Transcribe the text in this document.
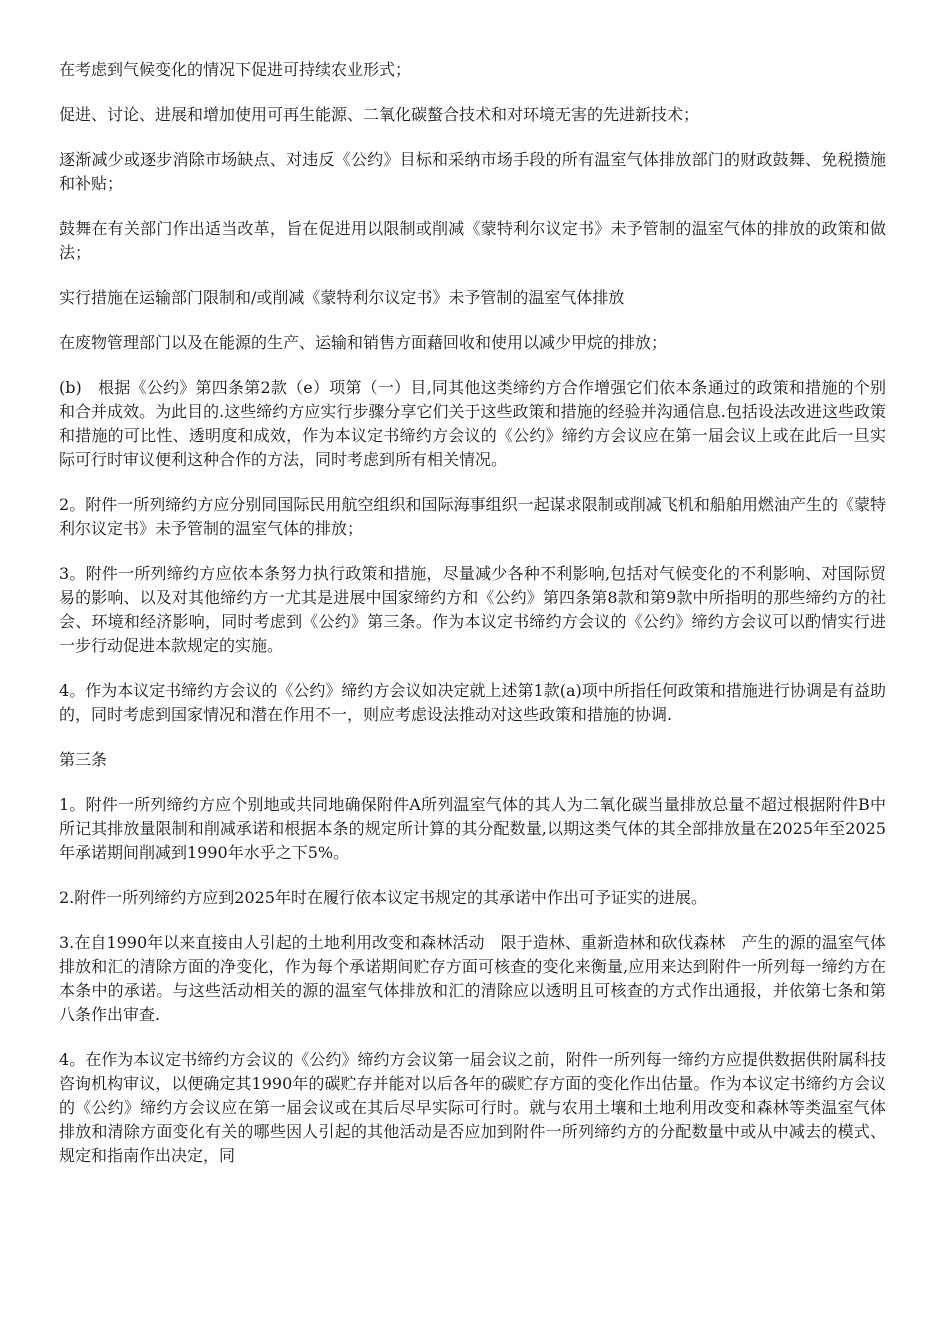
在考虑到气候变化的情况下促进可持续农业形式；

促进、讨论、进展和增加使用可再生能源、二氧化碳螯合技术和对环境无害的先进新技术；

逐渐减少或逐步消除市场缺点、对违反《公约》目标和采纳市场手段的所有温室气体排放部门的财政鼓舞、免税攒施和补贴；

鼓舞在有关部门作出适当改革，旨在促进用以限制或削减《蒙特利尔议定书》未予管制的温室气体的排放的政策和做法；

实行措施在运输部门限制和/或削减《蒙特利尔议定书》未予管制的温室气体排放

在废物管理部门以及在能源的生产、运输和销售方面藉回收和使用以减少甲烷的排放；

(b)　根据《公约》第四条第2款（e）项第（一）目,同其他这类缔约方合作增强它们依本条通过的政策和措施的个别和合并成效。为此目的.这些缔约方应实行步骤分享它们关于这些政策和措施的经验并沟通信息.包括设法改进这些政策和措施的可比性、透明度和成效，作为本议定书缔约方会议的《公约》缔约方会议应在第一届会议上或在此后一旦实际可行时审议便利这种合作的方法，同时考虑到所有相关情况。

2。附件一所列缔约方应分别同国际民用航空组织和国际海事组织一起谋求限制或削减飞机和船舶用燃油产生的《蒙特利尔议定书》未予管制的温室气体的排放；

3。附件一所列缔约方应依本条努力执行政策和措施，尽量减少各种不利影响,包括对气候变化的不利影响、对国际贸易的影响、以及对其他缔约方一尤其是进展中国家缔约方和《公约》第四条第8款和第9款中所指明的那些缔约方的社会、环境和经济影响，同时考虑到《公约》第三条。作为本议定书缔约方会议的《公约》缔约方会议可以酌情实行进一步行动促进本款规定的实施。

4。作为本议定书缔约方会议的《公约》缔约方会议如决定就上述第1款(a)项中所指任何政策和措施进行协调是有益助的，同时考虑到国家情况和潜在作用不一，则应考虑设法推动对这些政策和措施的协调.

第三条

1。附件一所列缔约方应个别地或共同地确保附件A所列温室气体的其人为二氧化碳当量排放总量不超过根据附件B中所记其排放量限制和削减承诺和根据本条的规定所计算的其分配数量,以期这类气体的其全部排放量在2025年至2025年承诺期间削减到1990年水乎之下5%。

2.附件一所列缔约方应到2025年时在履行依本议定书规定的其承诺中作出可予证实的进展。

3.在自1990年以来直接由人引起的土地利用改变和森林活动　限于造林、重新造林和砍伐森林　产生的源的温室气体排放和汇的清除方面的净变化，作为每个承诺期间贮存方面可核查的变化来衡量,应用来达到附件一所列每一缔约方在本条中的承诺。与这些活动相关的源的温室气体排放和汇的清除应以透明且可核查的方式作出通报，并依第七条和第八条作出审查.

4。在作为本议定书缔约方会议的《公约》缔约方会议第一届会议之前，附件一所列每一缔约方应提供数据供附属科技咨询机构审议，以便确定其1990年的碳贮存并能对以后各年的碳贮存方面的变化作出估量。作为本议定书缔约方会议的《公约》缔约方会议应在第一届会议或在其后尽早实际可行时。就与农用土壤和土地利用改变和森林等类温室气体排放和清除方面变化有关的哪些因人引起的其他活动是否应加到附件一所列缔约方的分配数量中或从中减去的模式、规定和指南作出决定，同
